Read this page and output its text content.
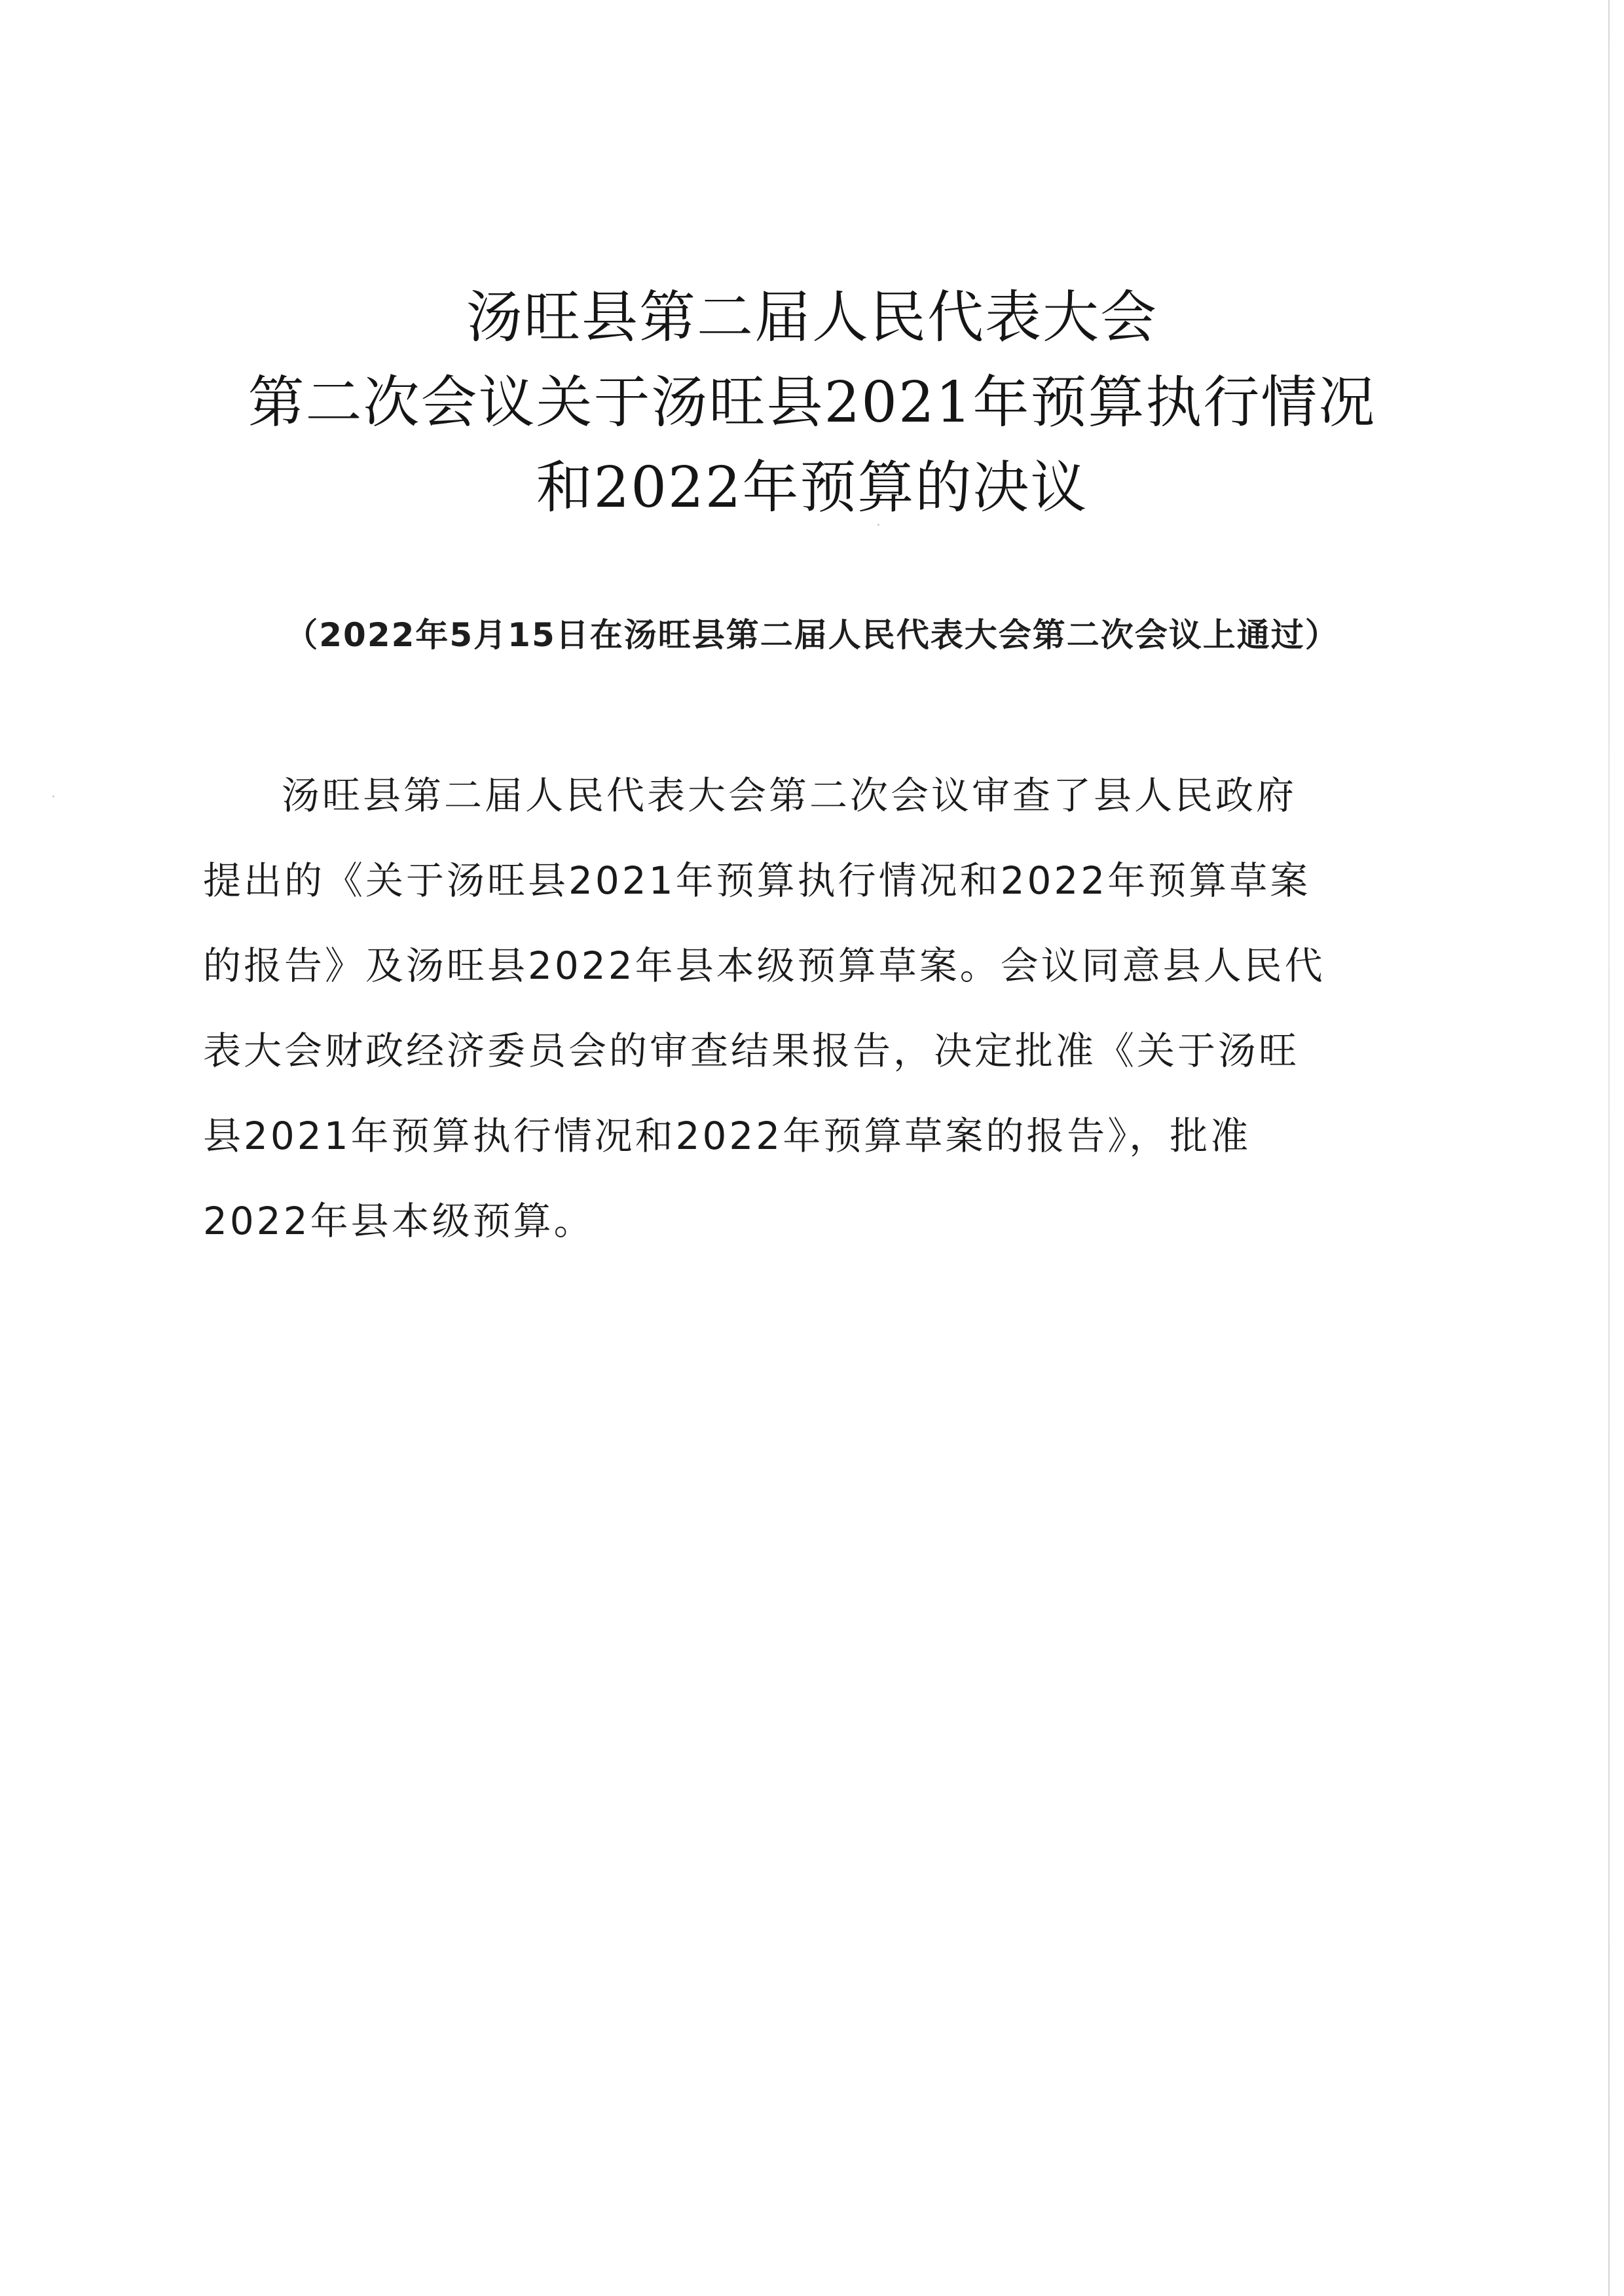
汤旺县第二届人民代表大会
第二次会议关于汤旺县2021年预算执行情况
和2022年预算的决议
（2022年5月15日在汤旺县第二届人民代表大会第二次会议上通过）
汤旺县第二届人民代表大会第二次会议审查了县人民政府
提出的《关于汤旺县2021年预算执行情况和2022年预算草案
的报告》及汤旺县2022年县本级预算草案。会议同意县人民代
表大会财政经济委员会的审查结果报告，决定批准《关于汤旺
县2021年预算执行情况和2022年预算草案的报告》，批准
2022年县本级预算。
